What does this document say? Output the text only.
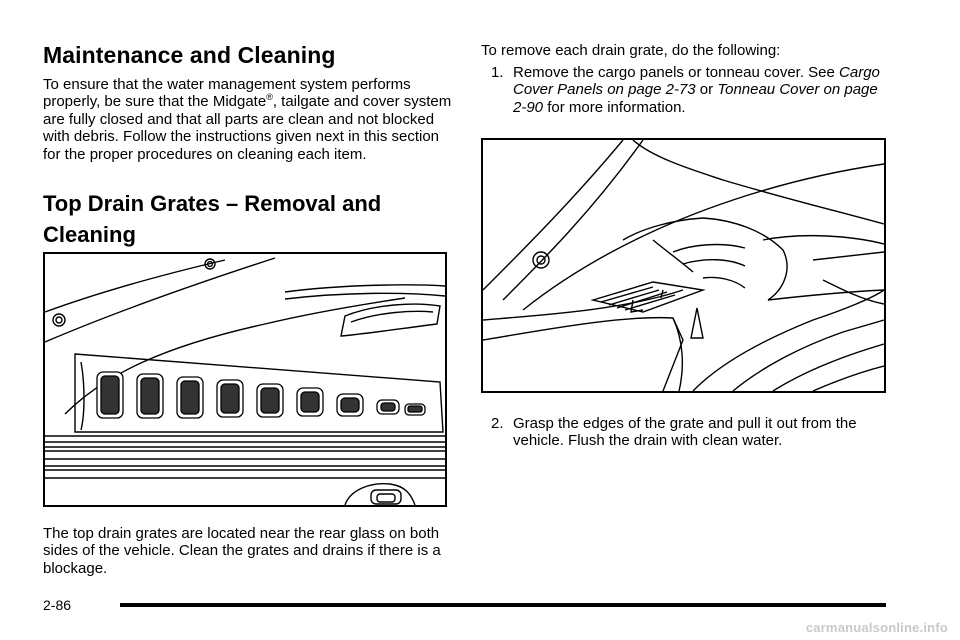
Maintenance and Cleaning

To ensure that the water management system performs properly, be sure that the Midgate®, tailgate and cover system are fully closed and that all parts are clean and not blocked with debris. Follow the instructions given next in this section for the proper procedures on cleaning each item.

Top Drain Grates – Removal and Cleaning

The top drain grates are located near the rear glass on both sides of the vehicle. Clean the grates and drains if there is a blockage.

To remove each drain grate, do the following:

1. Remove the cargo panels or tonneau cover. See Cargo Cover Panels on page 2-73 or Tonneau Cover on page 2-90 for more information.
2. Grasp the edges of the grate and pull it out from the vehicle. Flush the drain with clean water.
2-86
carmanualsonline.info
